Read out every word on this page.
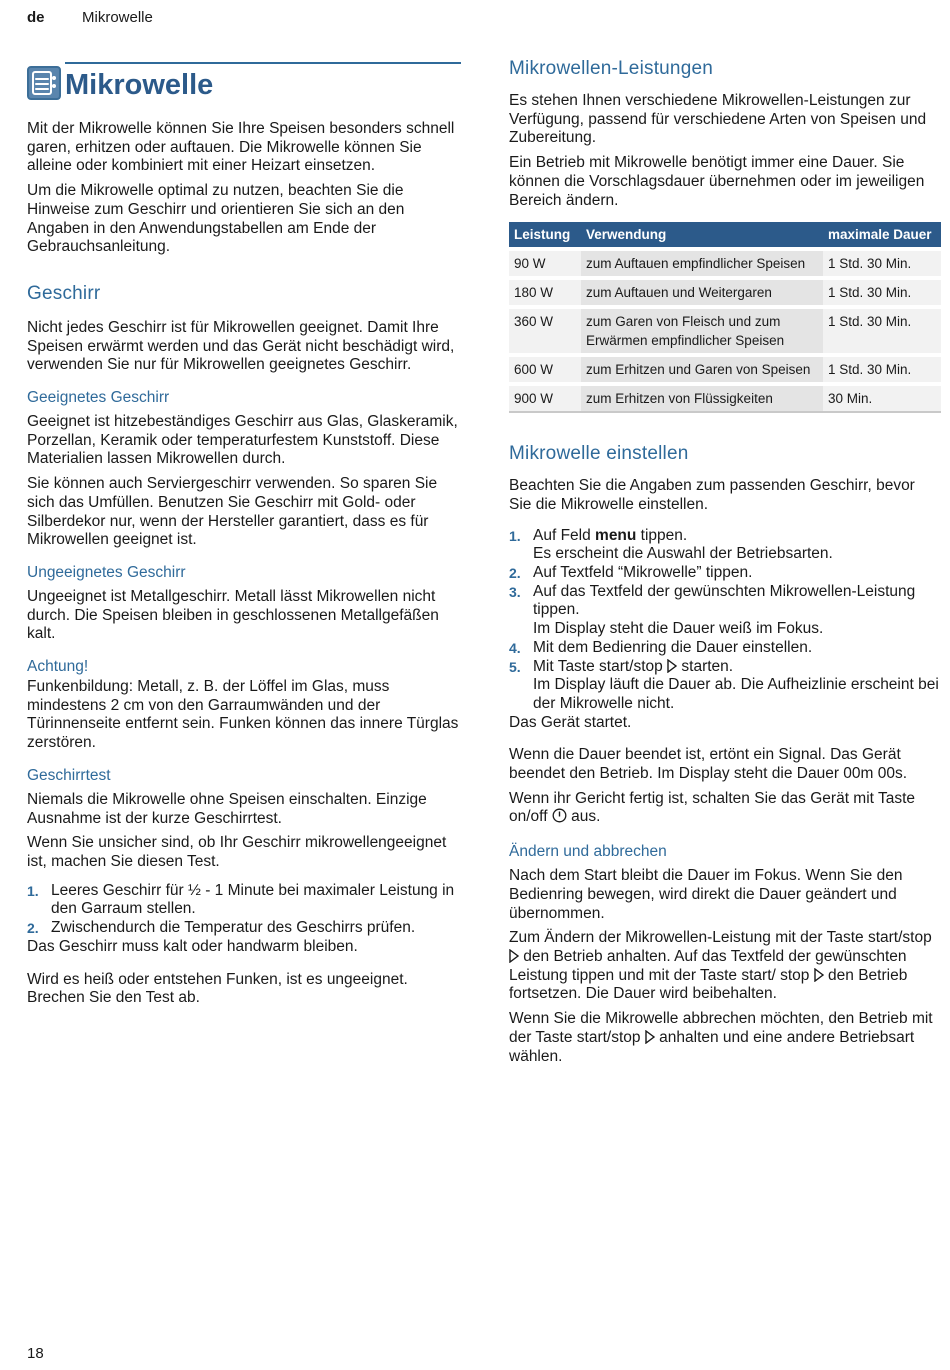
de Mikrowelle
Mikrowelle

Mit der Mikrowelle können Sie Ihre Speisen besonders schnell garen, erhitzen oder auftauen. Die Mikrowelle können Sie alleine oder kombiniert mit einer Heizart einsetzen.

Um die Mikrowelle optimal zu nutzen, beachten Sie die Hinweise zum Geschirr und orientieren Sie sich an den Angaben in den Anwendungstabellen am Ende der Gebrauchsanleitung.

Geschirr

Nicht jedes Geschirr ist für Mikrowellen geeignet. Damit Ihre Speisen erwärmt werden und das Gerät nicht beschädigt wird, verwenden Sie nur für Mikrowellen geeignetes Geschirr.

Geeignetes Geschirr

Geeignet ist hitzebeständiges Geschirr aus Glas, Glaskeramik, Porzellan, Keramik oder temperaturfestem Kunststoff. Diese Materialien lassen Mikrowellen durch.

Sie können auch Serviergeschirr verwenden. So sparen Sie sich das Umfüllen. Benutzen Sie Geschirr mit Gold- oder Silberdekor nur, wenn der Hersteller garantiert, dass es für Mikrowellen geeignet ist.

Ungeeignetes Geschirr

Ungeeignet ist Metallgeschirr. Metall lässt Mikrowellen nicht durch. Die Speisen bleiben in geschlossenen Metallgefäßen kalt.

Achtung!

Funkenbildung: Metall, z. B. der Löffel im Glas, muss mindestens 2 cm von den Garraumwänden und der Türinnenseite entfernt sein. Funken können das innere Türglas zerstören.

Geschirrtest

Niemals die Mikrowelle ohne Speisen einschalten. Einzige Ausnahme ist der kurze Geschirrtest.

Wenn Sie unsicher sind, ob Ihr Geschirr mikrowellengeeignet ist, machen Sie diesen Test.

1. Leeres Geschirr für ½ - 1 Minute bei maximaler Leistung in den Garraum stellen.
2. Zwischendurch die Temperatur des Geschirrs prüfen.

Das Geschirr muss kalt oder handwarm bleiben.

Wird es heiß oder entstehen Funken, ist es ungeeignet. Brechen Sie den Test ab.

Mikrowellen-Leistungen

Es stehen Ihnen verschiedene Mikrowellen-Leistungen zur Verfügung, passend für verschiedene Arten von Speisen und Zubereitung.

Ein Betrieb mit Mikrowelle benötigt immer eine Dauer. Sie können die Vorschlagsdauer übernehmen oder im jeweiligen Bereich ändern.

Leistung	Verwendung	maximale Dauer
90 W	zum Auftauen empfindlicher Speisen	1 Std. 30 Min.
180 W	zum Auftauen und Weitergaren	1 Std. 30 Min.
360 W	zum Garen von Fleisch und zum Erwärmen empfindlicher Speisen	1 Std. 30 Min.
600 W	zum Erhitzen und Garen von Speisen	1 Std. 30 Min.
900 W	zum Erhitzen von Flüssigkeiten	30 Min.
Mikrowelle einstellen

Beachten Sie die Angaben zum passenden Geschirr, bevor Sie die Mikrowelle einstellen.

1. Auf Feld menu tippen.
Es erscheint die Auswahl der Betriebsarten.
2. Auf Textfeld “Mikrowelle” tippen.
3. Auf das Textfeld der gewünschten Mikrowellen-Leistung tippen.
Im Display steht die Dauer weiß im Fokus.
4. Mit dem Bedienring die Dauer einstellen.
5. Mit Taste start/stop  starten.
Im Display läuft die Dauer ab. Die Aufheizlinie erscheint bei der Mikrowelle nicht.

Das Gerät startet.

Wenn die Dauer beendet ist, ertönt ein Signal. Das Gerät beendet den Betrieb. Im Display steht die Dauer 00m 00s.

Wenn ihr Gericht fertig ist, schalten Sie das Gerät mit Taste on/off  aus.

Ändern und abbrechen

Nach dem Start bleibt die Dauer im Fokus. Wenn Sie den Bedienring bewegen, wird direkt die Dauer geändert und übernommen.

Zum Ändern der Mikrowellen-Leistung mit der Taste start/stop  den Betrieb anhalten. Auf das Textfeld der gewünschten Leistung tippen und mit der Taste start/ stop  den Betrieb fortsetzen. Die Dauer wird beibehalten.

Wenn Sie die Mikrowelle abbrechen möchten, den Betrieb mit der Taste start/stop  anhalten und eine andere Betriebsart wählen.

18
